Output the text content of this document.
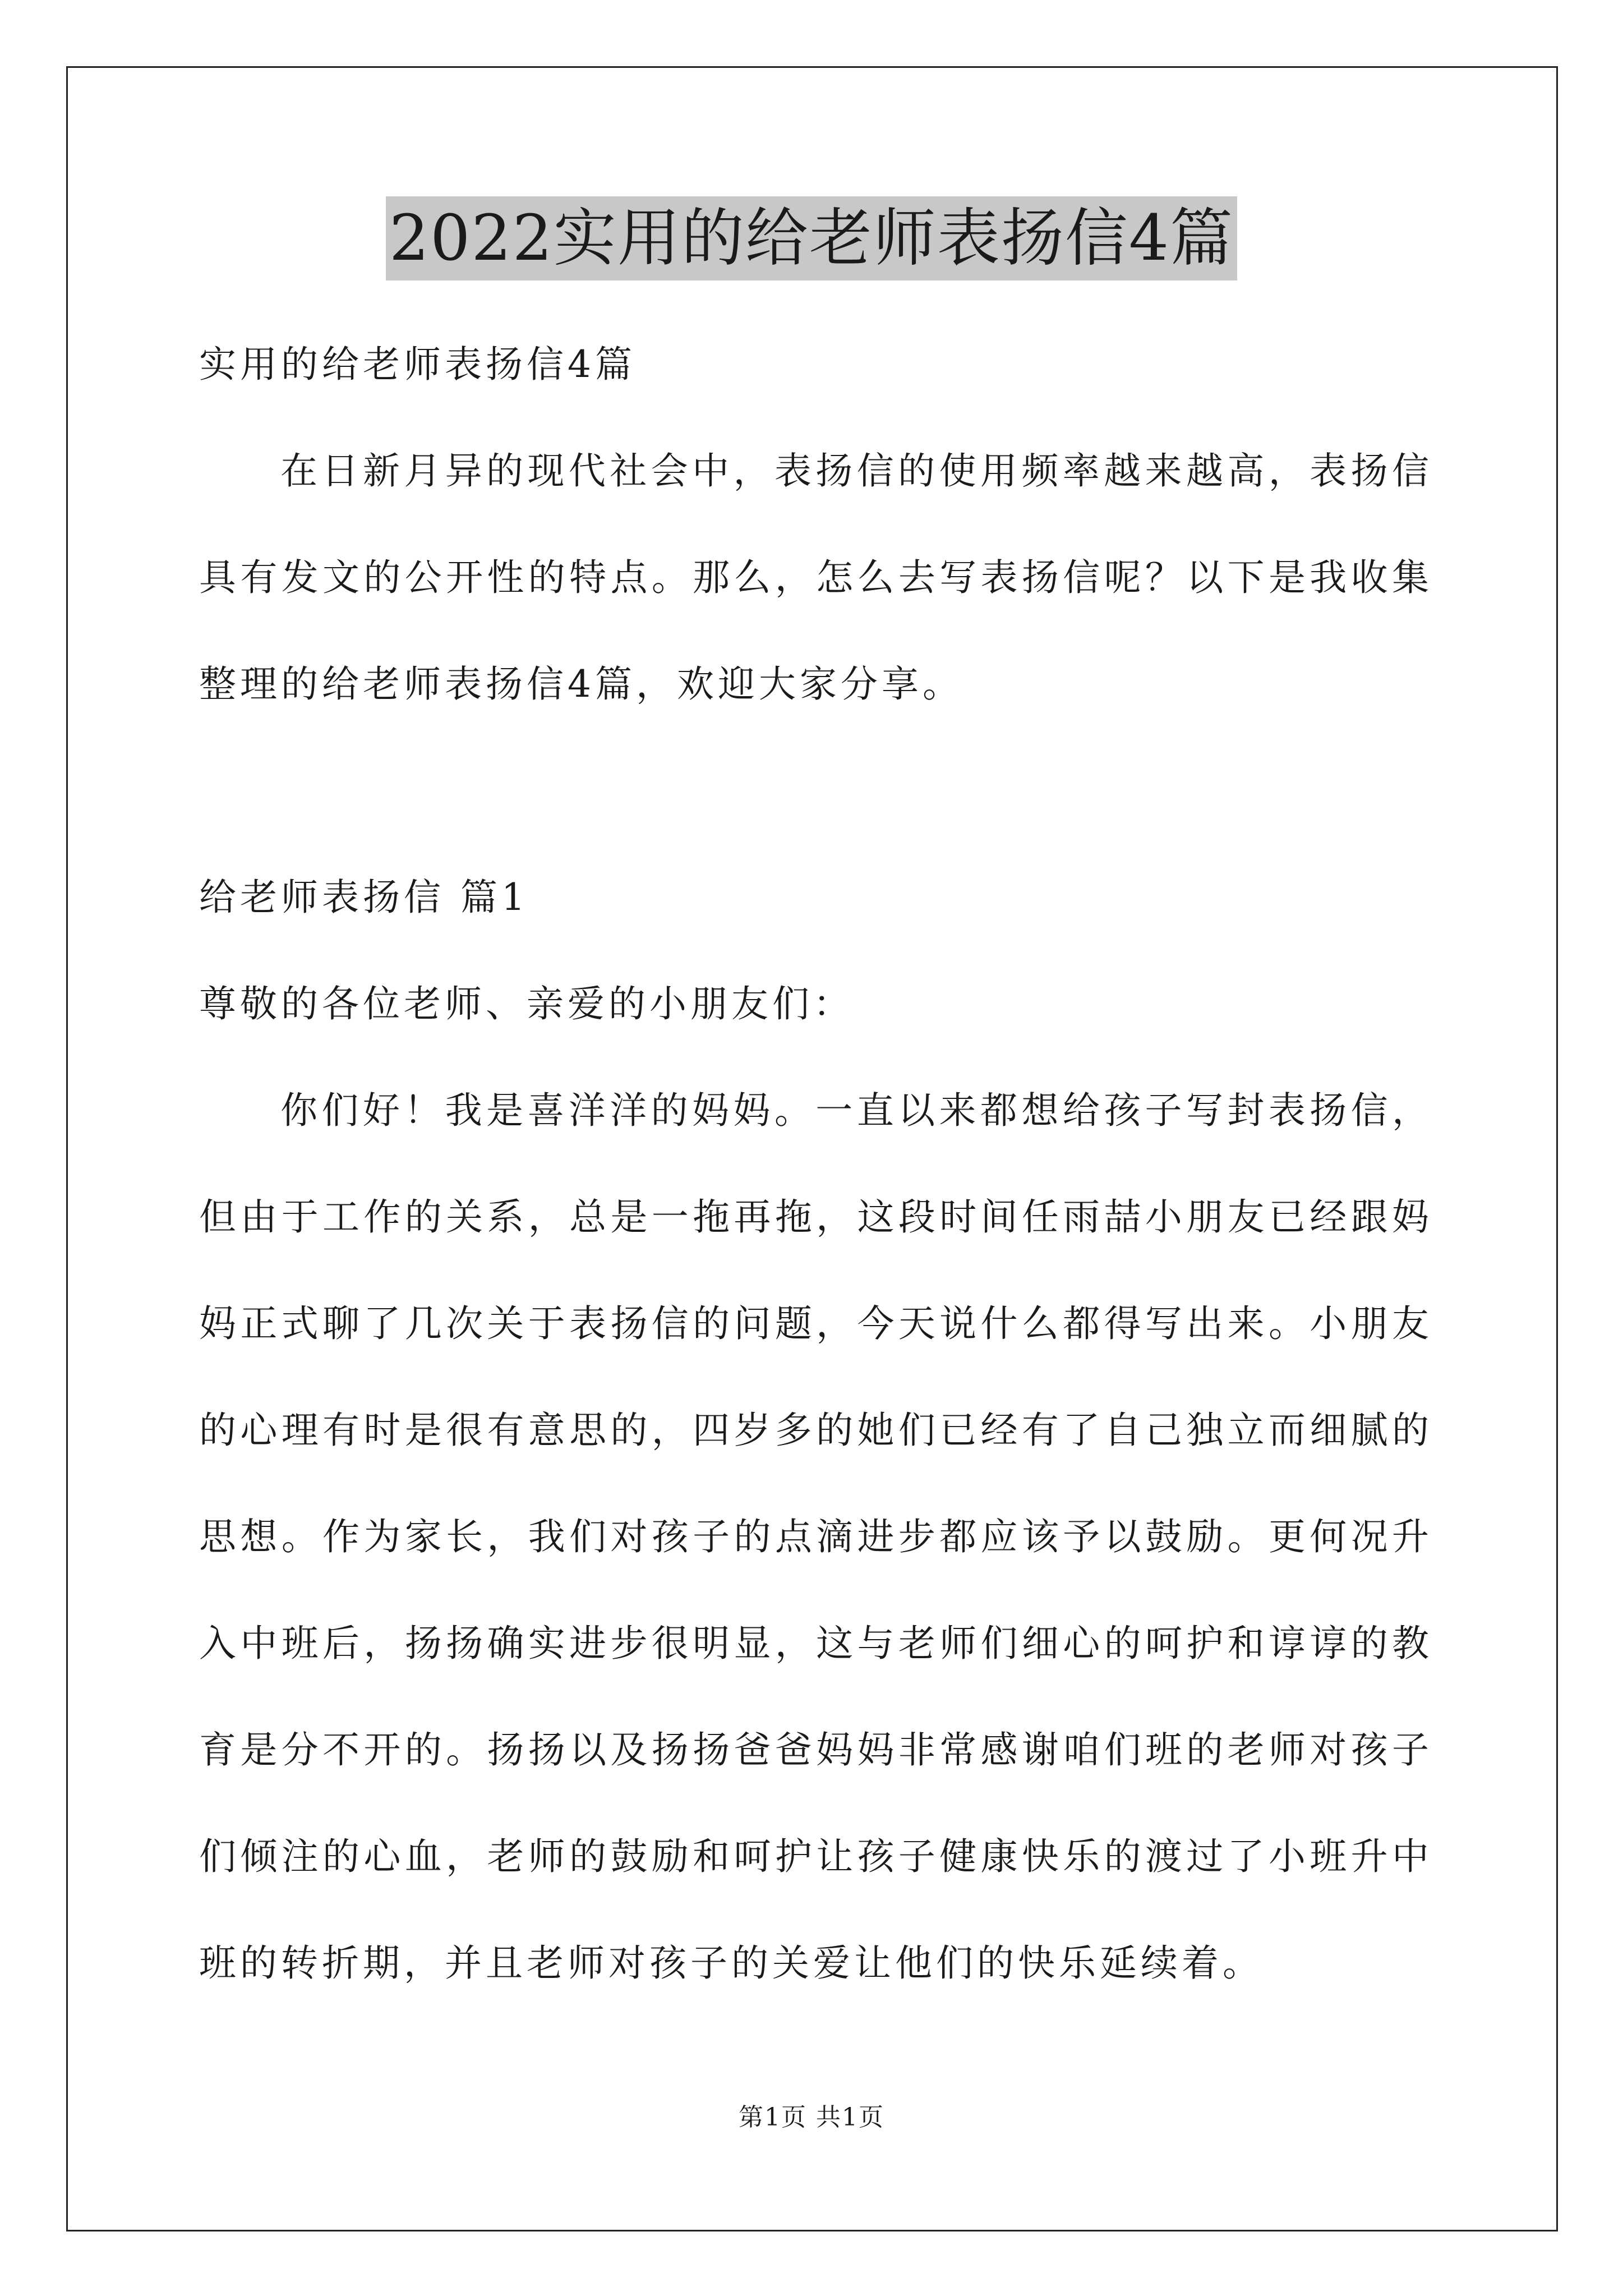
2022实用的给老师表扬信4篇

实用的给老师表扬信4篇

在日新月异的现代社会中，表扬信的使用频率越来越高，表扬信具有发文的公开性的特点。那么，怎么去写表扬信呢？以下是我收集整理的给老师表扬信4篇，欢迎大家分享。

给老师表扬信 篇1

尊敬的各位老师、亲爱的小朋友们：

你们好！我是喜洋洋的妈妈。一直以来都想给孩子写封表扬信，但由于工作的关系，总是一拖再拖，这段时间任雨喆小朋友已经跟妈妈正式聊了几次关于表扬信的问题，今天说什么都得写出来。小朋友的心理有时是很有意思的，四岁多的她们已经有了自己独立而细腻的思想。作为家长，我们对孩子的点滴进步都应该予以鼓励。更何况升入中班后，扬扬确实进步很明显，这与老师们细心的呵护和谆谆的教育是分不开的。扬扬以及扬扬爸爸妈妈非常感谢咱们班的老师对孩子们倾注的心血，老师的鼓励和呵护让孩子健康快乐的渡过了小班升中班的转折期，并且老师对孩子的关爱让他们的快乐延续着。

第1页 共1页
